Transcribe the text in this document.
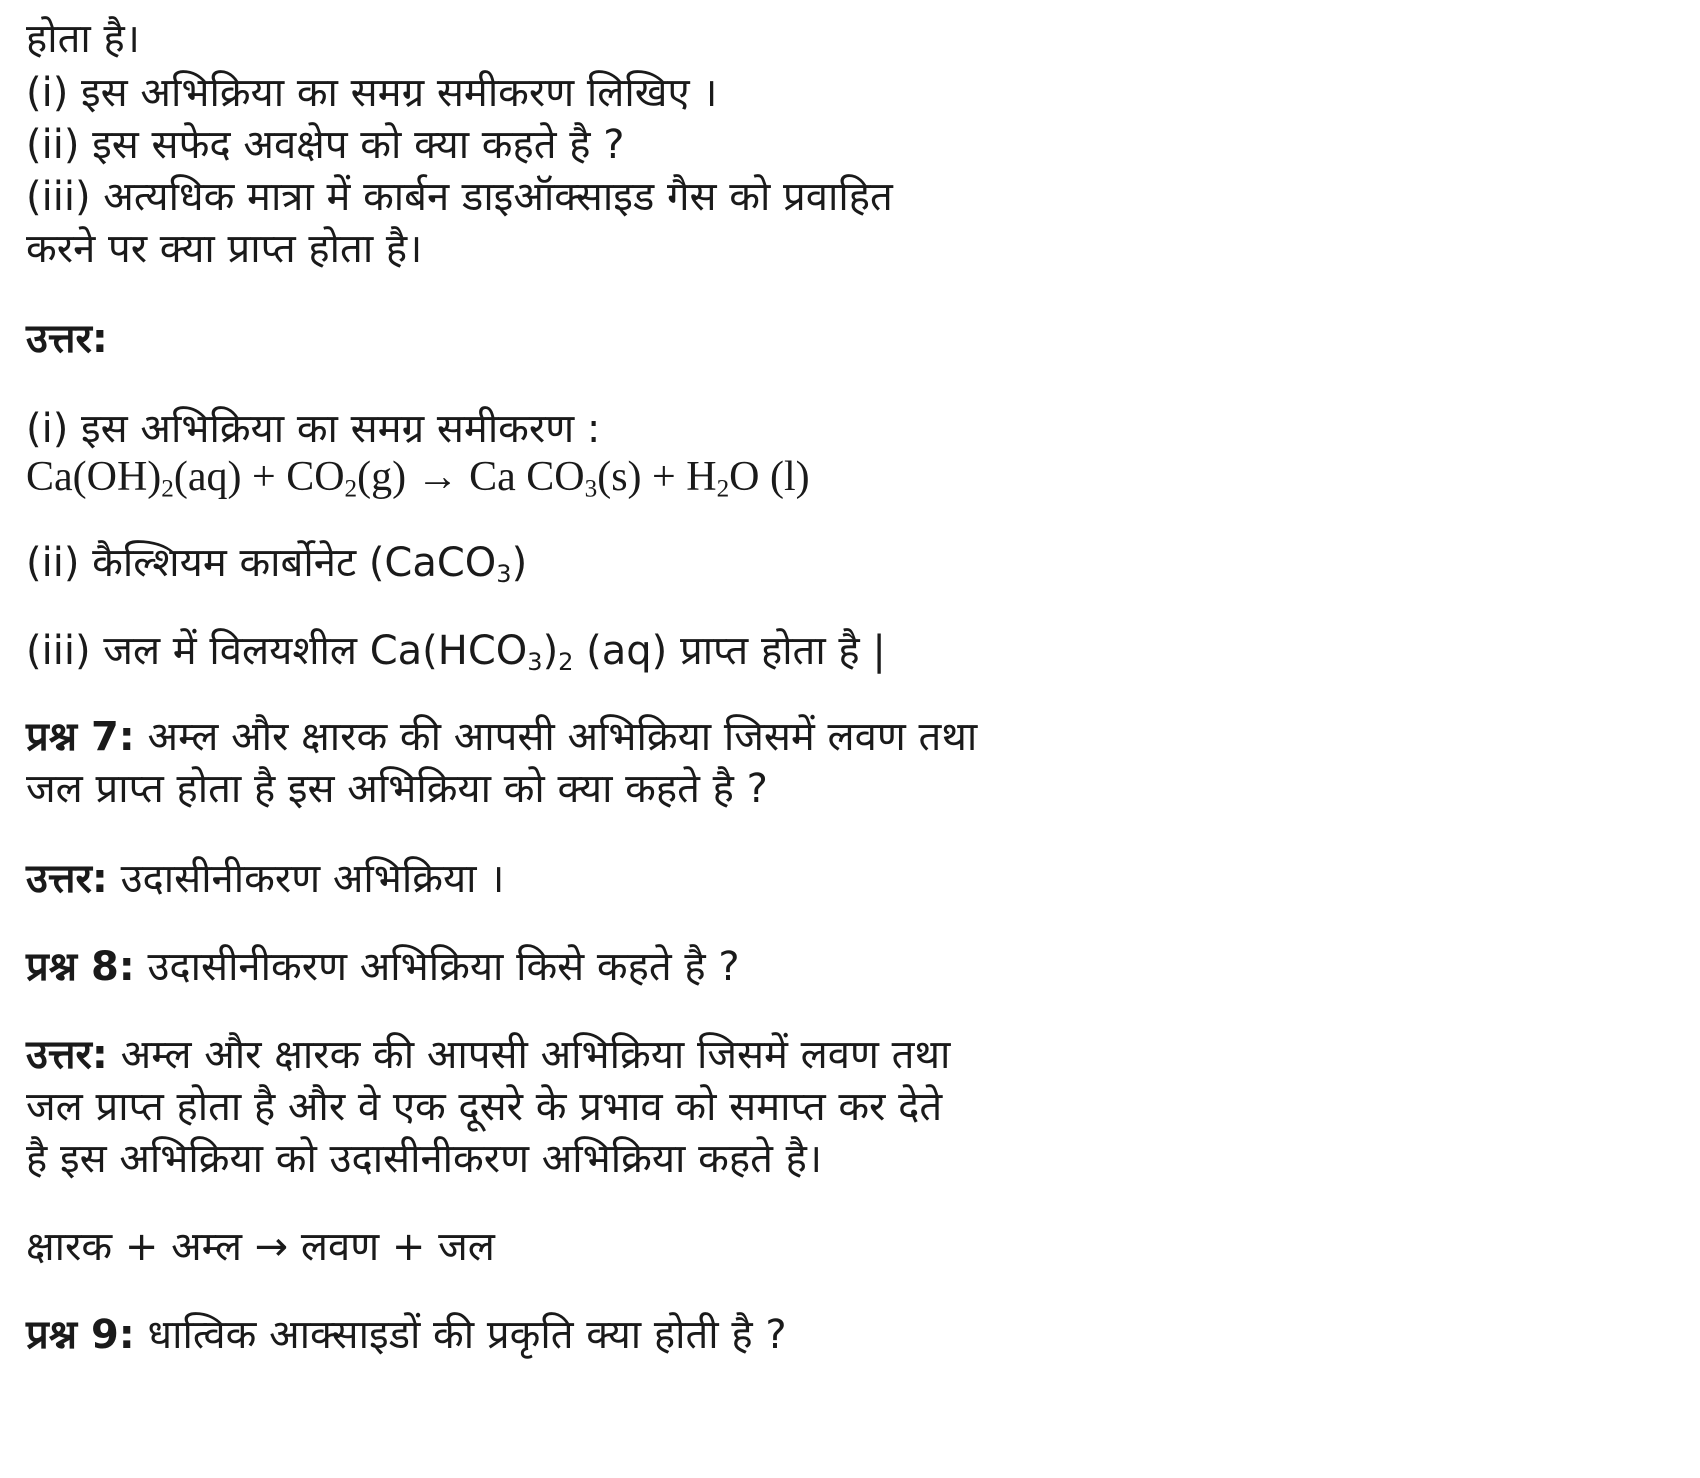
होता है।
(i) इस अभिक्रिया का समग्र समीकरण लिखिए ।
(ii) इस सफेद अवक्षेप को क्या कहते है ?
(iii) अत्यधिक मात्रा में कार्बन डाइऑक्साइड गैस को प्रवाहित
करने पर क्या प्राप्त होता है।
उत्तर:
(i) इस अभिक्रिया का समग्र समीकरण :
$Ca(OH)_2(aq) + CO_2(g) \to Ca$ $CO_3(s) + H_2O$ (l)
(ii) कैल्शियम कार्बोनेट (CaCO$_3$)
(iii) जल में विलयशील $Ca(HCO_3)_2$ (aq) प्राप्त होता है |
प्रश्न 7: अम्ल और क्षारक की आपसी अभिक्रिया जिसमें लवण तथा
जल प्राप्त होता है इस अभिक्रिया को क्या कहते है ?
उत्तर: उदासीनीकरण अभिक्रिया ।
प्रश्न 8: उदासीनीकरण अभिक्रिया किसे कहते है ?
उत्तर: अम्ल और क्षारक की आपसी अभिक्रिया जिसमें लवण तथा
जल प्राप्त होता है और वे एक दूसरे के प्रभाव को समाप्त कर देते
है इस अभिक्रिया को उदासीनीकरण अभिक्रिया कहते है।
क्षारक + अम्ल → लवण + जल
प्रश्न 9: धात्विक आक्साइडों की प्रकृति क्या होती है ?
